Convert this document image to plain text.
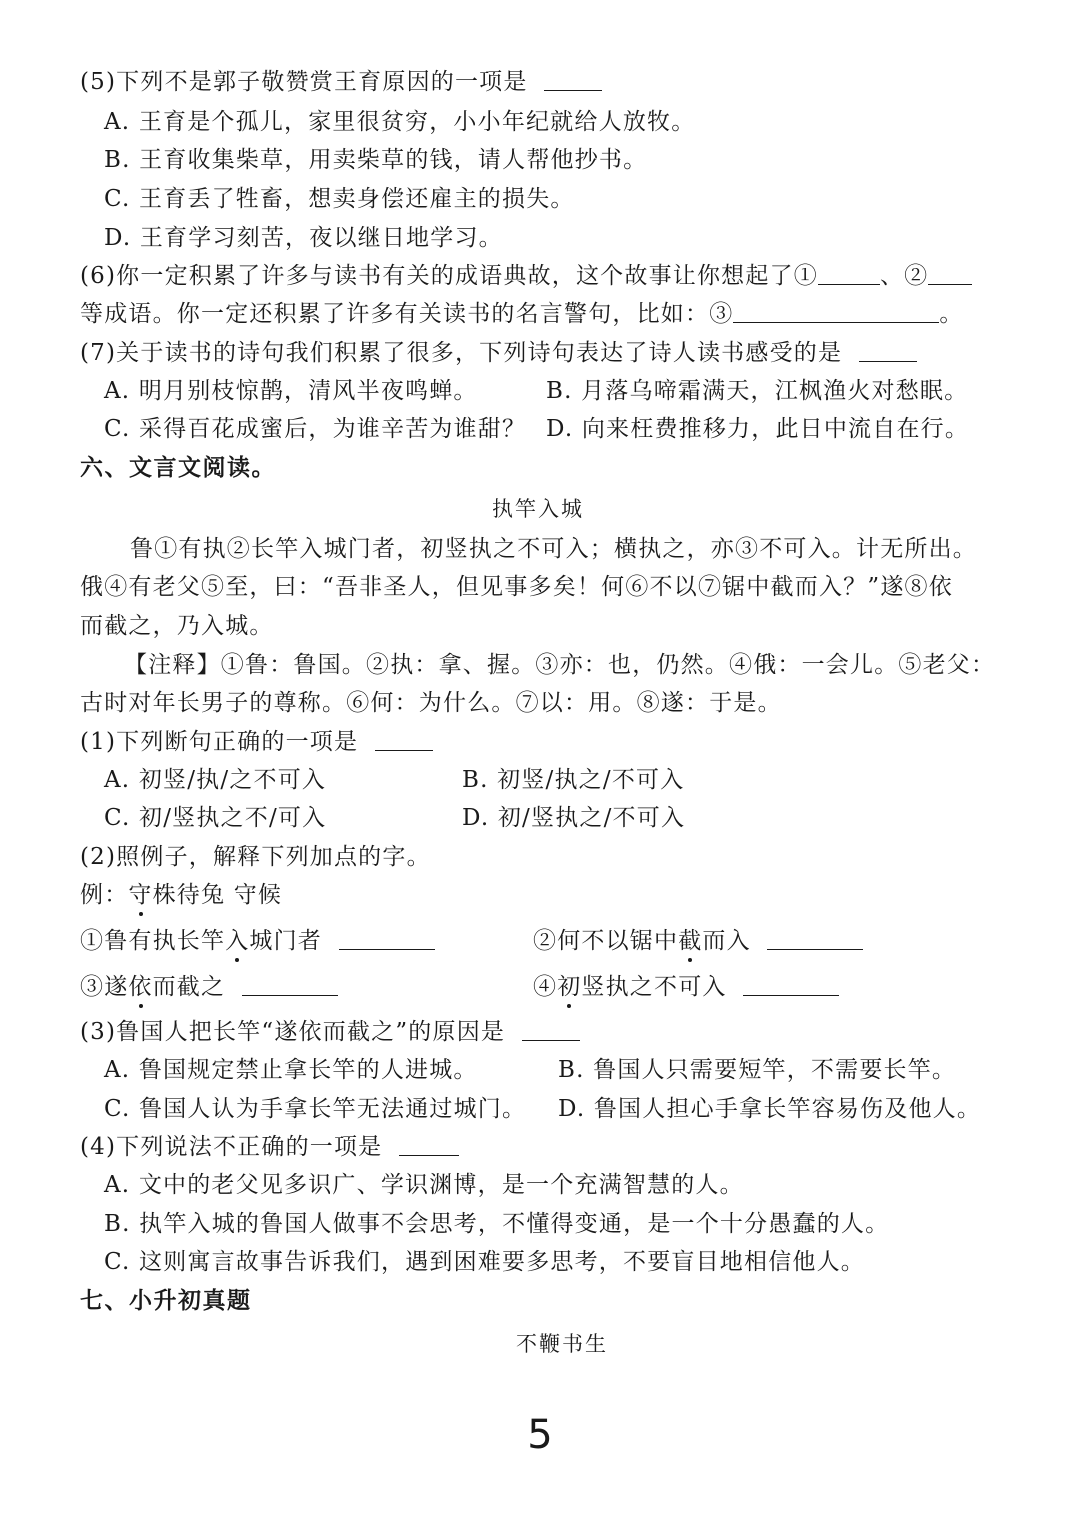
(5)下列不是郭子敬赞赏王育原因的一项是
A. 王育是个孤儿，家里很贫穷，小小年纪就给人放牧。
B. 王育收集柴草，用卖柴草的钱，请人帮他抄书。
C. 王育丢了牲畜，想卖身偿还雇主的损失。
D. 王育学习刻苦，夜以继日地学习。
(6)你一定积累了许多与读书有关的成语典故，这个故事让你想起了①	、②
等成语。你一定还积累了许多有关读书的名言警句，比如：③	。
(7)关于读书的诗句我们积累了很多，下列诗句表达了诗人读书感受的是
A. 明月别枝惊鹊，清风半夜鸣蝉。	B. 月落乌啼霜满天，江枫渔火对愁眠。
C. 采得百花成蜜后，为谁辛苦为谁甜？ D. 向来枉费推移力，此日中流自在行。
六、文言文阅读。
执竿入城
鲁①有执②长竿入城门者，初竖执之不可入；横执之，亦③不可入。计无所出。
俄④有老父⑤至，曰：“吾非圣人，但见事多矣！何⑥不以⑦锯中截而入？”遂⑧依
而截之，乃入城。
【注释】①鲁：鲁国。②执：拿、握。③亦：也，仍然。④俄：一会儿。⑤老父：
古时对年长男子的尊称。⑥何：为什么。⑦以：用。⑧遂：于是。
(1)下列断句正确的一项是
A. 初竖/执/之不可入	B. 初竖/执之/不可入
C. 初/竖执之不/可入	D. 初/竖执之/不可入
(2)照例子，解释下列加点的字。
例：守株待兔 守候
①鲁有执长竿入城门者	②何不以锯中截而入
③遂依而截之	④初竖执之不可入
(3)鲁国人把长竿“遂依而截之”的原因是
A. 鲁国规定禁止拿长竿的人进城。	B. 鲁国人只需要短竿，不需要长竿。
C. 鲁国人认为手拿长竿无法通过城门。 D. 鲁国人担心手拿长竿容易伤及他人。
(4)下列说法不正确的一项是
A. 文中的老父见多识广、学识渊博，是一个充满智慧的人。
B. 执竿入城的鲁国人做事不会思考，不懂得变通，是一个十分愚蠢的人。
C. 这则寓言故事告诉我们，遇到困难要多思考，不要盲目地相信他人。
七、小升初真题
不鞭书生
5
